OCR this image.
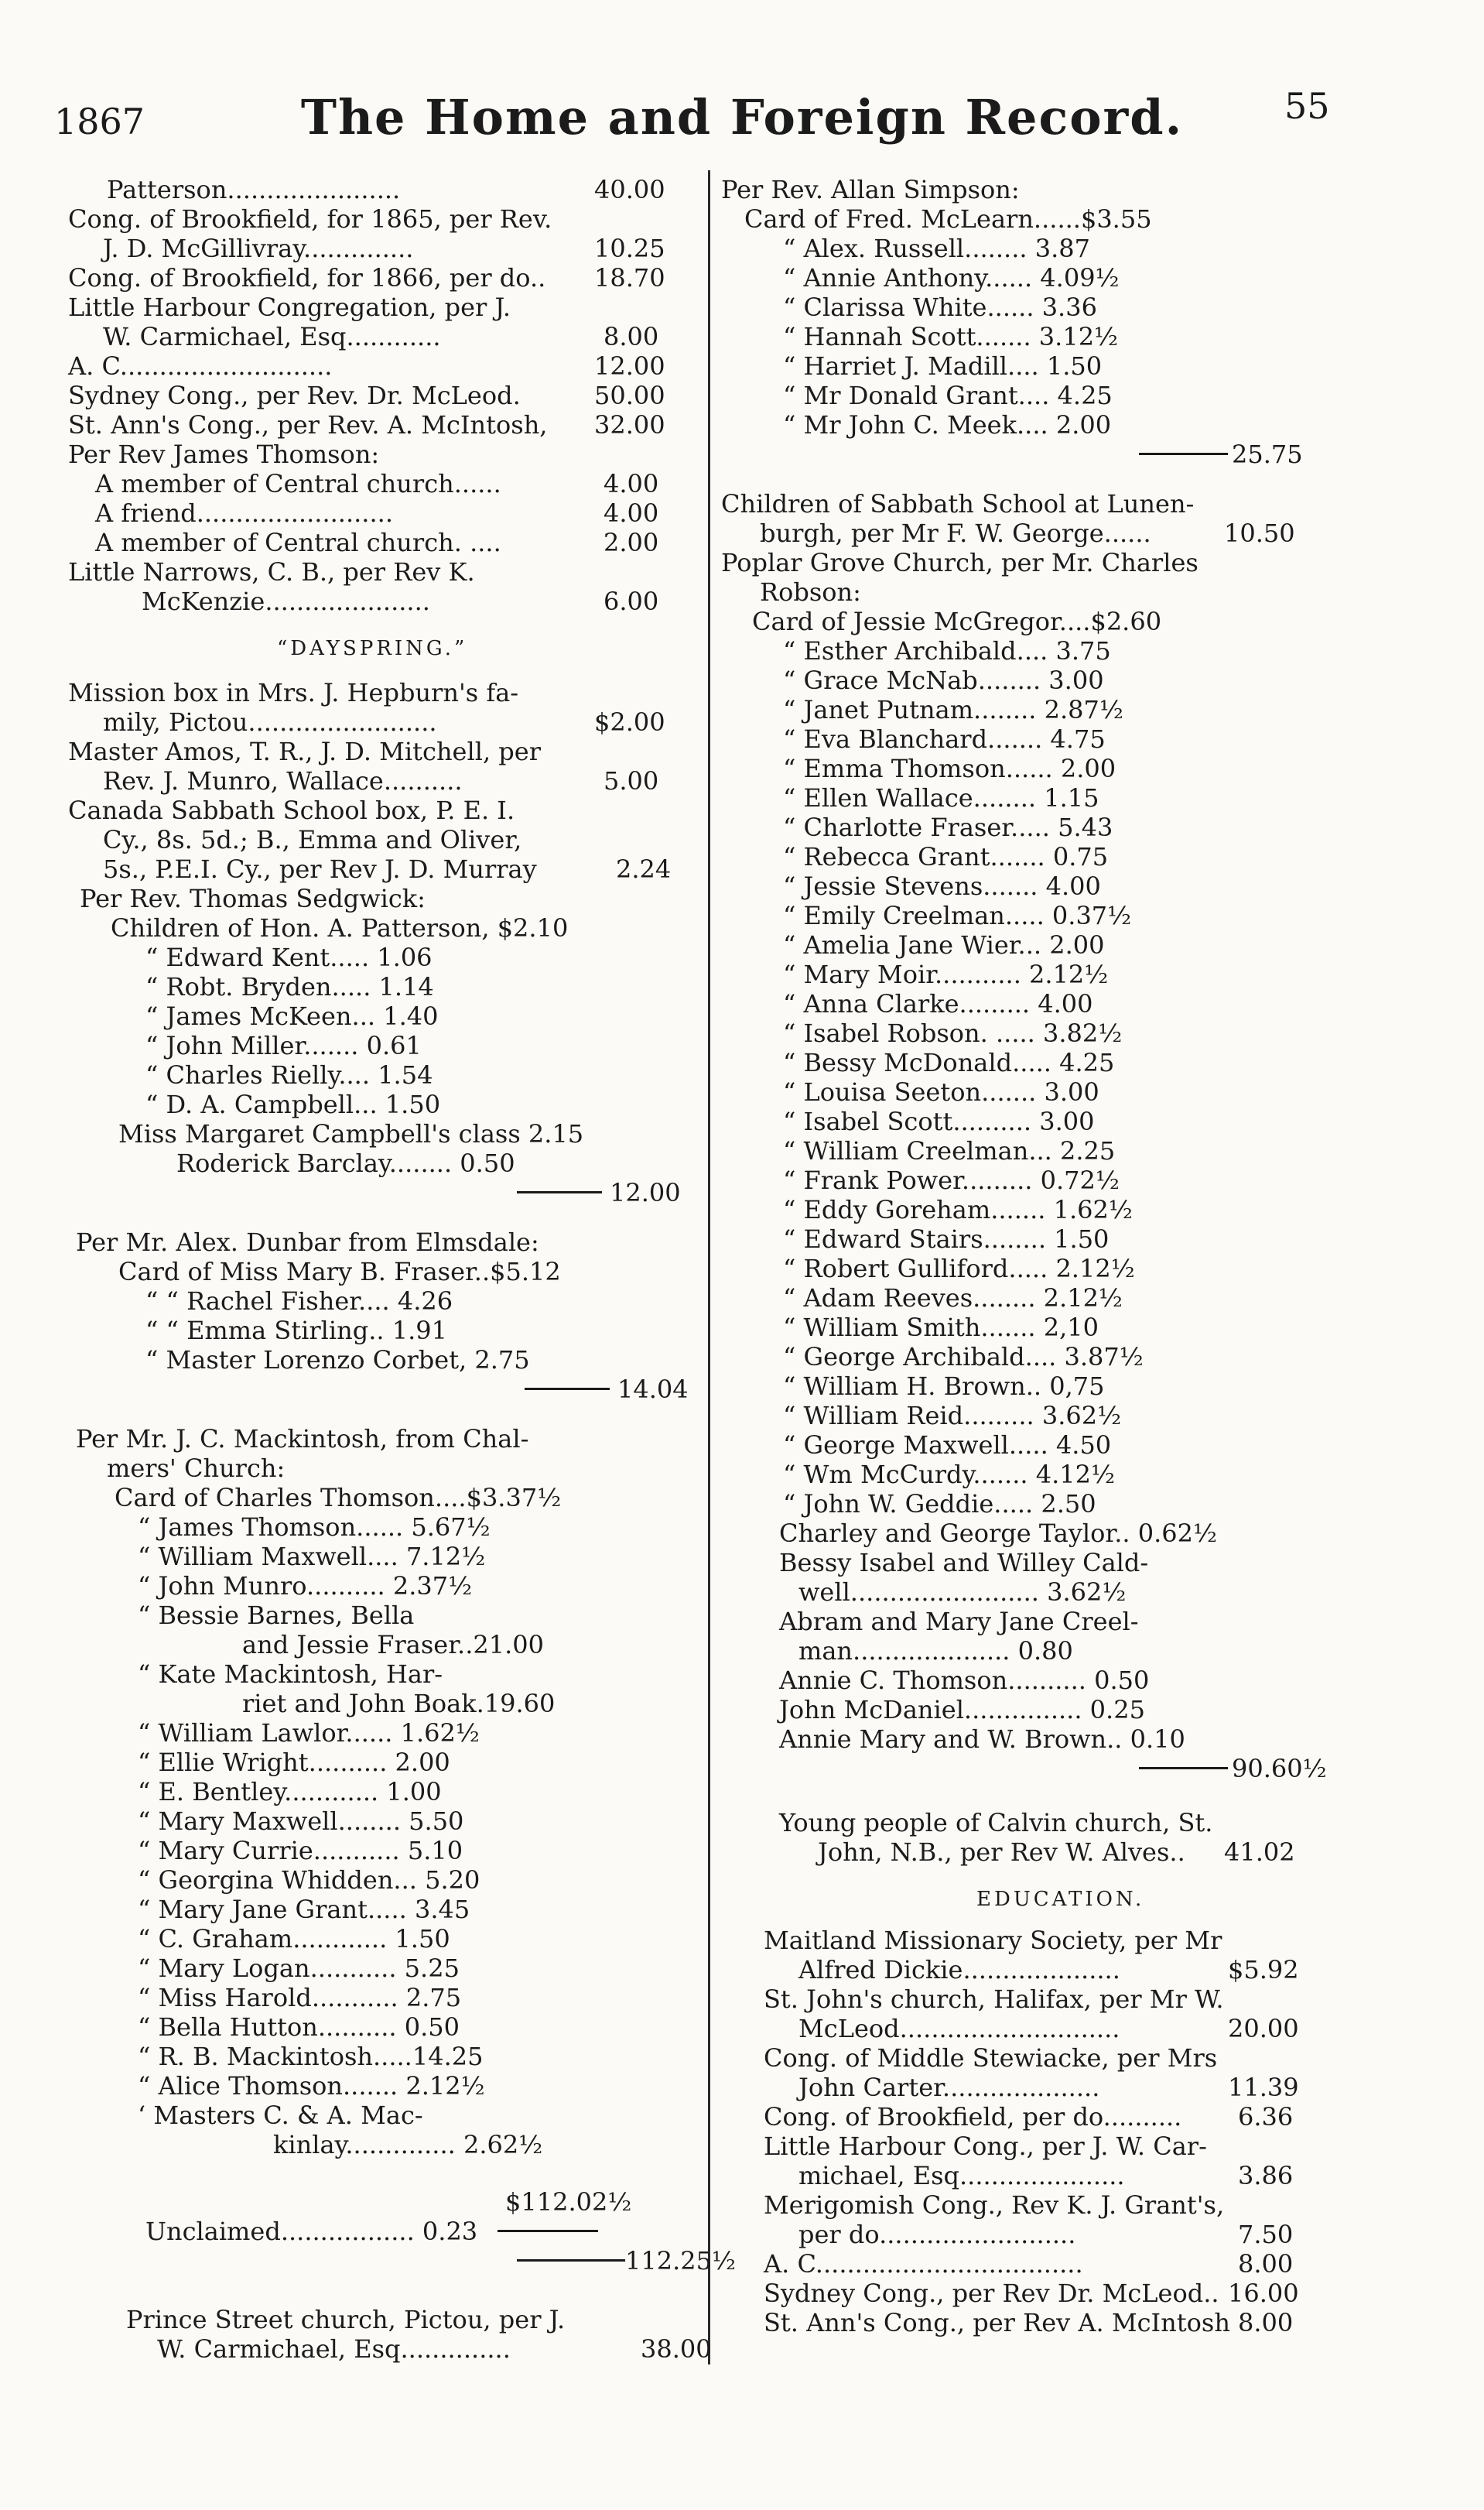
1867	The Home and Foreign Record.	55
“DAYSPRING.”
Patterson......................	40.00
Cong. of Brookfield, for 1865, per Rev.
J. D. McGillivray..............	10.25
Cong. of Brookfield, for 1866, per do.. 18.70
Little Harbour Congregation, per J.
W. Carmichael, Esq............	8.00
A. C...........................	12.00
Sydney Cong., per Rev. Dr. McLeod.	50.00
St. Ann's Cong., per Rev. A. McIntosh, 32.00
Per Rev James Thomson:
A member of Central church......	4.00
A friend.........................	4.00
A member of Central church. ....	2.00
Little Narrows, C. B., per Rev K.
McKenzie.....................	6.00
Mission box in Mrs. J. Hepburn's fa-
mily, Pictou........................	$2.00
Master Amos, T. R., J. D. Mitchell, per
Rev. J. Munro, Wallace..........	5.00
Canada Sabbath School box, P. E. I.
Cy., 8s. 5d.; B., Emma and Oliver,
5s., P.E.I. Cy., per Rev J. D. Murray	2.24
Per Rev. Thomas Sedgwick:
Children of Hon. A. Patterson, $2.10
“ Edward Kent..... 1.06
“ Robt. Bryden..... 1.14
“ James McKeen... 1.40
“ John Miller....... 0.61
“ Charles Rielly.... 1.54
“ D. A. Campbell... 1.50
Miss Margaret Campbell's class 2.15
Roderick Barclay........ 0.50
12.00
Per Mr. Alex. Dunbar from Elmsdale:
Card of Miss Mary B. Fraser..$5.12
“ “ Rachel Fisher.... 4.26
“ “ Emma Stirling.. 1.91
“ Master Lorenzo Corbet, 2.75
14.04
Per Mr. J. C. Mackintosh, from Chal-
mers' Church:
Card of Charles Thomson....$3.37½
“ James Thomson...... 5.67½
“ William Maxwell.... 7.12½
“ John Munro.......... 2.37½
“ Bessie Barnes, Bella
and Jessie Fraser..21.00
“ Kate Mackintosh, Har-
riet and John Boak.19.60
“ William Lawlor...... 1.62½
“ Ellie Wright.......... 2.00
“ E. Bentley............ 1.00
“ Mary Maxwell........ 5.50
“ Mary Currie........... 5.10
“ Georgina Whidden... 5.20
“ Mary Jane Grant..... 3.45
“ C. Graham............ 1.50
“ Mary Logan........... 5.25
“ Miss Harold........... 2.75
“ Bella Hutton.......... 0.50
“ R. B. Mackintosh.....14.25
“ Alice Thomson....... 2.12½
‘ Masters C. & A. Mac-
kinlay.............. 2.62½
$112.02½
Unclaimed................. 0.23
112.25½
Prince Street church, Pictou, per J.
W. Carmichael, Esq..............	38.00
EDUCATION.
Per Rev. Allan Simpson:
Card of Fred. McLearn......$3.55
“ Alex. Russell........ 3.87
“ Annie Anthony...... 4.09½
“ Clarissa White...... 3.36
“ Hannah Scott....... 3.12½
“ Harriet J. Madill.... 1.50
“ Mr Donald Grant.... 4.25
“ Mr John C. Meek.... 2.00
25.75
Children of Sabbath School at Lunen-
burgh, per Mr F. W. George......	10.50
Poplar Grove Church, per Mr. Charles
Robson:
Card of Jessie McGregor....$2.60
“ Esther Archibald.... 3.75
“ Grace McNab........ 3.00
“ Janet Putnam........ 2.87½
“ Eva Blanchard....... 4.75
“ Emma Thomson...... 2.00
“ Ellen Wallace........ 1.15
“ Charlotte Fraser..... 5.43
“ Rebecca Grant....... 0.75
“ Jessie Stevens....... 4.00
“ Emily Creelman..... 0.37½
“ Amelia Jane Wier... 2.00
“ Mary Moir........... 2.12½
“ Anna Clarke......... 4.00
“ Isabel Robson. ..... 3.82½
“ Bessy McDonald..... 4.25
“ Louisa Seeton....... 3.00
“ Isabel Scott.......... 3.00
“ William Creelman... 2.25
“ Frank Power......... 0.72½
“ Eddy Goreham....... 1.62½
“ Edward Stairs........ 1.50
“ Robert Gulliford..... 2.12½
“ Adam Reeves........ 2.12½
“ William Smith....... 2,10
“ George Archibald.... 3.87½
“ William H. Brown.. 0,75
“ William Reid......... 3.62½
“ George Maxwell..... 4.50
“ Wm McCurdy....... 4.12½
“ John W. Geddie..... 2.50
Charley and George Taylor.. 0.62½
Bessy Isabel and Willey Cald-
well........................ 3.62½
Abram and Mary Jane Creel-
man.................... 0.80
Annie C. Thomson.......... 0.50
John McDaniel............... 0.25
Annie Mary and W. Brown.. 0.10
90.60½
Young people of Calvin church, St.
John, N.B., per Rev W. Alves.. 41.02
Maitland Missionary Society, per Mr
Alfred Dickie....................	$5.92
St. John's church, Halifax, per Mr W.
McLeod............................	20.00
Cong. of Middle Stewiacke, per Mrs
John Carter....................	11.39
Cong. of Brookfield, per do.......... 6.36
Little Harbour Cong., per J. W. Car-
michael, Esq.....................	3.86
Merigomish Cong., Rev K. J. Grant's,
per do.........................	7.50
A. C..................................	8.00
Sydney Cong., per Rev Dr. McLeod.. 16.00
St. Ann's Cong., per Rev A. McIntosh 8.00
